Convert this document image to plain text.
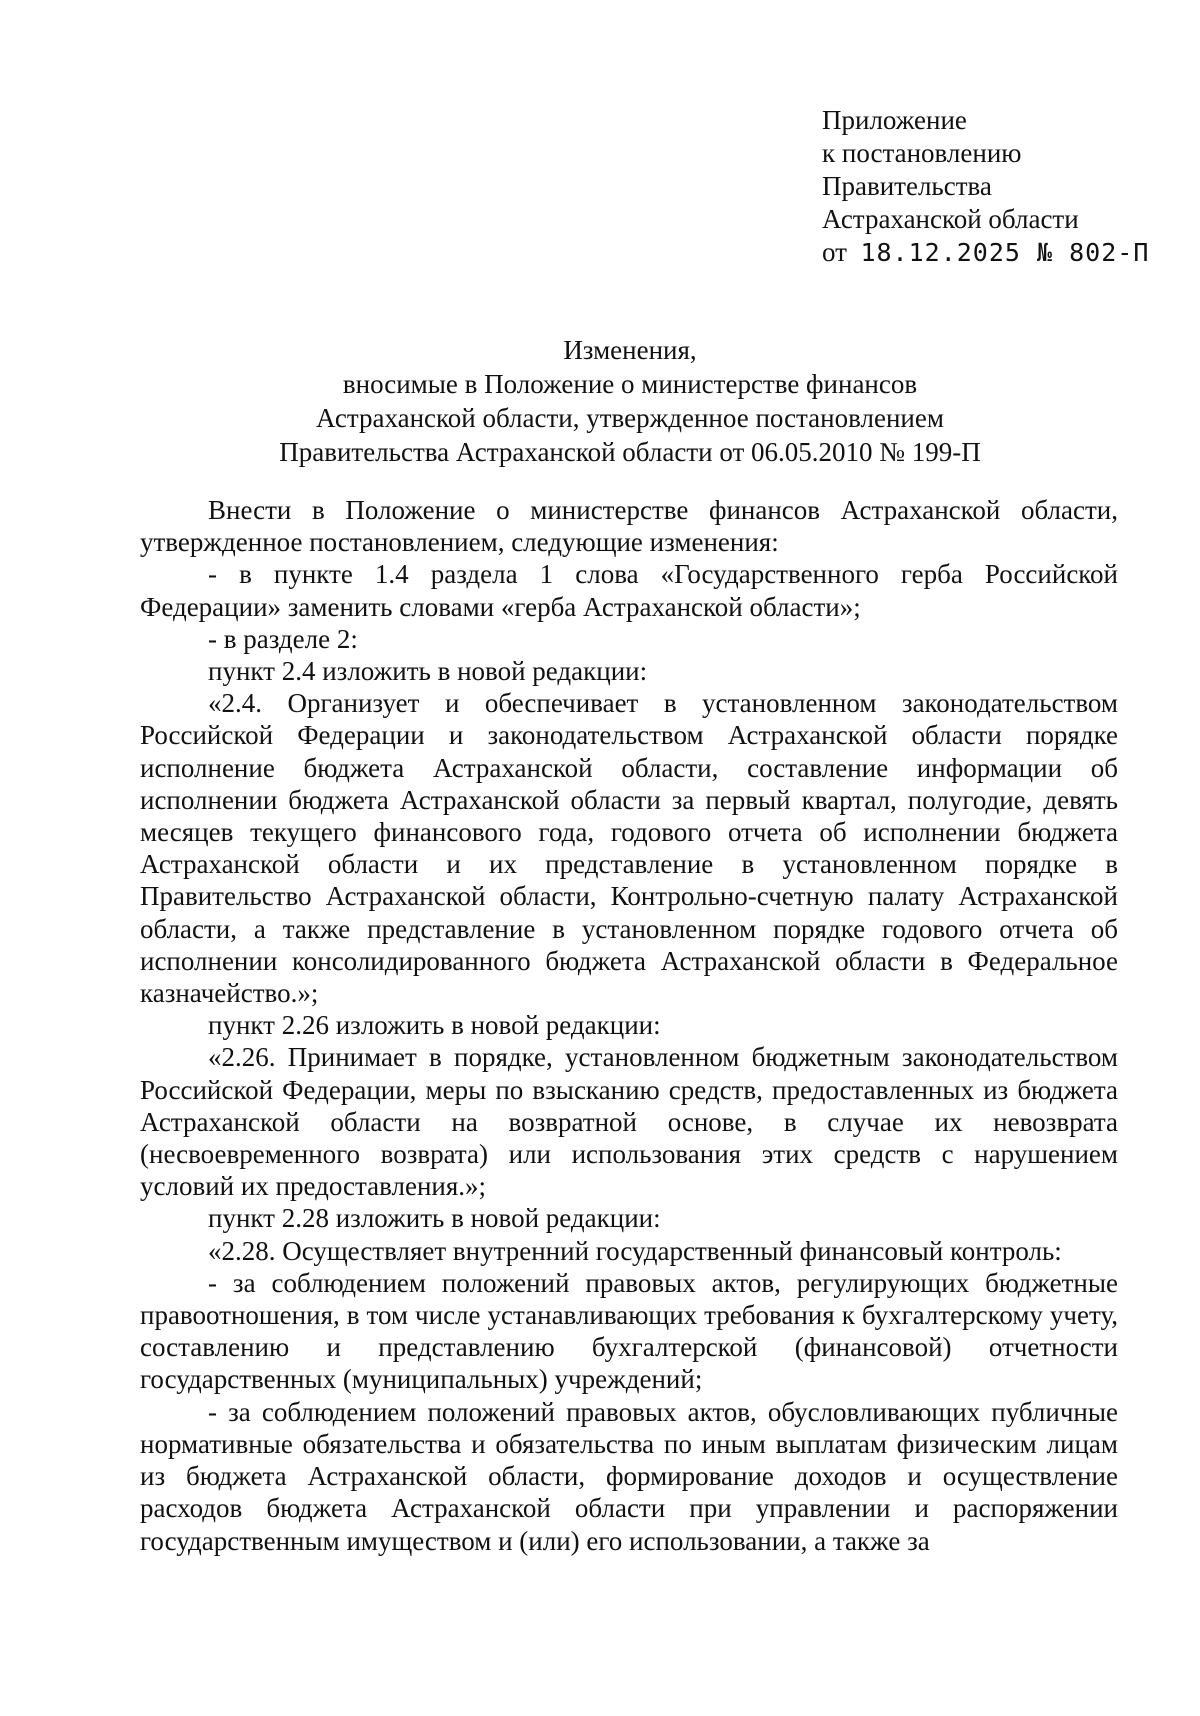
Приложение
к постановлению
Правительства
Астраханской области
от 18.12.2025 № 802-П
Изменения,
вносимые в Положение о министерстве финансов
Астраханской области, утвержденное постановлением
Правительства Астраханской области от 06.05.2010 № 199-П

Внести в Положение о министерстве финансов Астраханской области, утвержденное постановлением, следующие изменения:

- в пункте 1.4 раздела 1 слова «Государственного герба Российской Федерации» заменить словами «герба Астраханской области»;

- в разделе 2:

пункт 2.4 изложить в новой редакции:

«2.4. Организует и обеспечивает в установленном законодательством Российской Федерации и законодательством Астраханской области порядке исполнение бюджета Астраханской области, составление информации об исполнении бюджета Астраханской области за первый квартал, полугодие, девять месяцев текущего финансового года, годового отчета об исполнении бюджета Астраханской области и их представление в установленном порядке в Правительство Астраханской области, Контрольно-счетную палату Астраханской области, а также представление в установленном порядке годового отчета об исполнении консолидированного бюджета Астраханской области в Федеральное казначейство.»;

пункт 2.26 изложить в новой редакции:

«2.26. Принимает в порядке, установленном бюджетным законодательством Российской Федерации, меры по взысканию средств, предоставленных из бюджета Астраханской области на возвратной основе, в случае их невозврата (несвоевременного возврата) или использования этих средств с нарушением условий их предоставления.»;

пункт 2.28 изложить в новой редакции:

«2.28. Осуществляет внутренний государственный финансовый контроль:

- за соблюдением положений правовых актов, регулирующих бюджетные правоотношения, в том числе устанавливающих требования к бухгалтерскому учету, составлению и представлению бухгалтерской (финансовой) отчетности государственных (муниципальных) учреждений;

- за соблюдением положений правовых актов, обусловливающих публичные нормативные обязательства и обязательства по иным выплатам физическим лицам из бюджета Астраханской области, формирование доходов и осуществление расходов бюджета Астраханской области при управлении и распоряжении государственным имуществом и (или) его использовании, а также за
